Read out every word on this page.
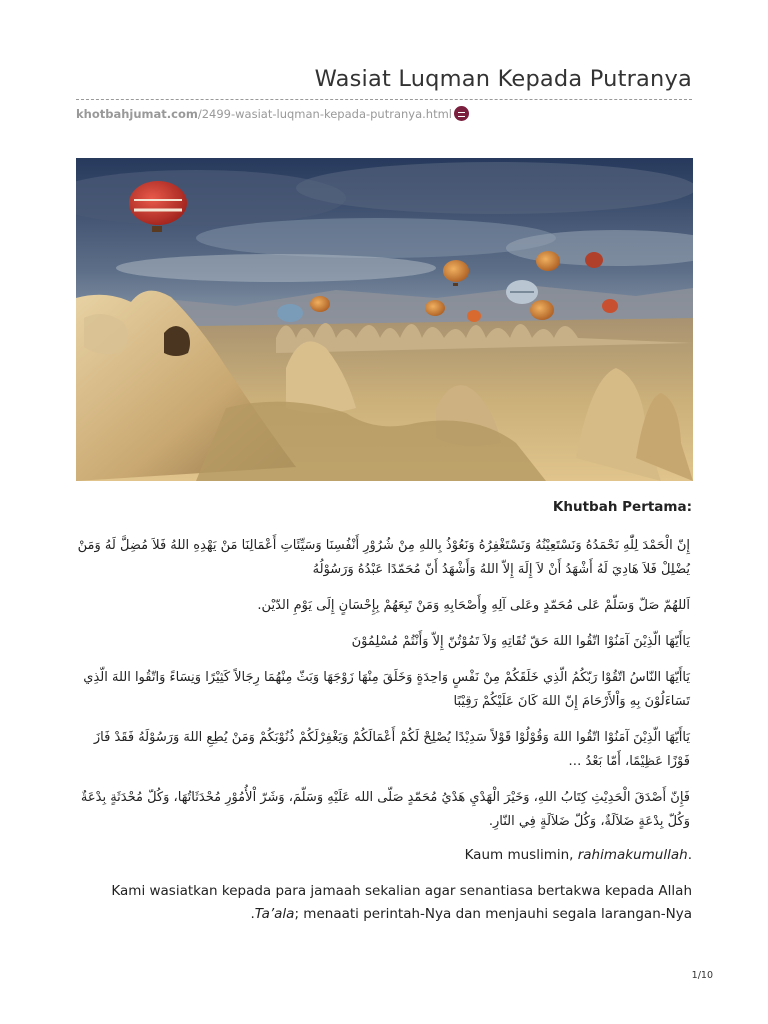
Wasiat Luqman Kepada Putranya
khotbahjumat.com /2499-wasiat-luqman-kepada-putranya.html

:Khutbah Pertama

إِنّ الْحَمْدَ لِلّٰهِ نَحْمَدُهُ وَنَسْتَعِيْنُهُ وَنَسْتَغْفِرُهُ وَنَعُوْذُ بِاللهِ مِنْ شُرُوْرِ أَنْفُسِنَا وَسَيِّئَاتِ أَعْمَالِنَا مَنْ يَهْدِهِ اللهُ فَلاَ مُضِلَّ لَهُ وَمَنْ يُضْلِلْ فَلاَ هَادِيَ لَهُ أَشْهَدُ أَنْ لاَ إِلَهَ إِلاّ اللهُ وَأَشْهَدُ أَنّ مُحَمّدًا عَبْدُهُ وَرَسُوْلُهُ

اَللهُمّ صَلّ وَسَلّمْ عَلى مُحَمّدٍ وعَلى آلِهِ وِأَصْحَابِهِ وَمَنْ تَبِعَهُمْ بِإِحْسَانٍ إِلَى يَوْمِ الدّيْن.

يَاأَيّهَا الّذِيْنَ آمَنُوْا اتّقُوا اللهَ حَقّ تُقَاتِهِ وَلاَ تَمُوْتُنّ إِلاّ وَأَنْتُمْ مُسْلِمُوْنَ

يَاأَيّهَا النّاسُ اتّقُوْا رَبّكُمُ الّذِي خَلَقَكُمْ مِنْ نَفْسٍ وَاحِدَةٍ وَخَلَقَ مِنْهَا زَوْجَهَا وَبَثّ مِنْهُمَا رِجَالاً كَثِيْرًا وَنِسَاءً وَاتّقُوا اللهَ الّذِي تَسَاءَلُوْنَ بِهِ وَاْلأَرْحَامَ إِنّ اللهَ كَانَ عَلَيْكُمْ رَقِيْبًا

يَاأَيّهَا الّذِيْنَ آمَنُوْا اتّقُوا اللهَ وَقُوْلُوْا قَوْلاً سَدِيْدًا يُصْلِحْ لَكُمْ أَعْمَالَكُمْ وَيَغْفِرْلَكُمْ ذُنُوْبَكُمْ وَمَنْ يُطِعِ اللهَ وَرَسُوْلَهُ فَقَدْ فَازَ فَوْزًا عَظِيْمًا، أَمّا بَعْدُ …

فَإِنّ أَصْدَقَ الْحَدِيْثِ كِتَابُ اللهِ، وَخَيْرَ الْهَدْيِ هَدْيُ مُحَمّدٍ صَلّى الله عَلَيْهِ وَسَلّمَ، وَشَرّ اْلأُمُوْرِ مُحْدَثَاتُهَا، وَكُلّ مُحْدَثَةٍ بِدْعَةٌ وَكُلّ بِدْعَةٍ ضَلاَلَةٌ، وَكُلّ ضَلاَلَةٍ فِي النّارِ.

.Kaum muslimin, rahimakumullah

Kami wasiatkan kepada para jamaah sekalian agar senantiasa bertakwa kepada Allah Ta’ala; menaati perintah-Nya dan menjauhi segala larangan-Nya.

1/10
